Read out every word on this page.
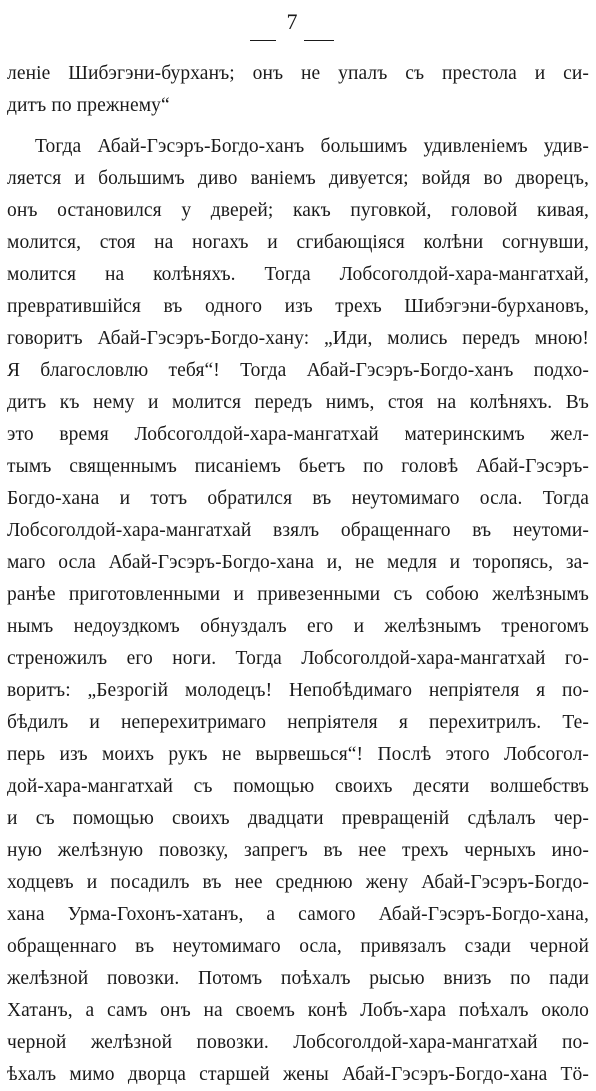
7
ленiе Шибэгэни-бурханъ; онъ не упалъ съ престола и си-
дитъ по прежнему“
Тогда Абай-Гэсэръ-Богдо-ханъ большимъ удивленiемъ удив-
ляется и большимъ диво ванiемъ дивуется; войдя во дворецъ,
онъ остановился у дверей; какъ пуговкой, головой кивая,
молится, стоя на ногахъ и сгибающiяся колѣни согнувши,
молится на колѣняхъ. Тогда Лобсоголдой-хара-мангатхай,
превратившiйся въ одного изъ трехъ Шибэгэни-бурхановъ,
говоритъ Абай-Гэсэръ-Богдо-хану: „Иди, молись передъ мною!
Я благословлю тебя“! Тогда Абай-Гэсэръ-Богдо-ханъ подхо-
дитъ къ нему и молится передъ нимъ, стоя на колѣняхъ. Въ
это время Лобсоголдой-хара-мангатхай материнскимъ жел-
тымъ священнымъ писанiемъ бьетъ по головѣ Абай-Гэсэръ-
Богдо-хана и тотъ обратился въ неутомимаго осла. Тогда
Лобсоголдой-хара-мангатхай взялъ обращеннаго въ неутоми-
маго осла Абай-Гэсэръ-Богдо-хана и, не медля и торопясь, за-
ранѣе приготовленными и привезенными съ собою желѣзнымъ
нымъ недоуздкомъ обнуздалъ его и желѣзнымъ треногомъ
стреножилъ его ноги. Тогда Лобсоголдой-хара-мангатхай го-
воритъ: „Безрогiй молодецъ! Непобѣдимаго непрiятеля я по-
бѣдилъ и неперехитримаго непрiятеля я перехитрилъ. Те-
перь изъ моихъ рукъ не вырвешься“! Послѣ этого Лобсогол-
дой-хара-мангатхай съ помощью своихъ десяти волшебствъ
и съ помощью своихъ двадцати превращенiй сдѣлалъ чер-
ную желѣзную повозку, запрегъ въ нее трехъ черныхъ ино-
ходцевъ и посадилъ въ нее среднюю жену Абай-Гэсэръ-Богдо-
хана Урма-Гохонъ-хатанъ, а самого Абай-Гэсэръ-Богдо-хана,
обращеннаго въ неутомимаго осла, привязалъ сзади черной
желѣзной повозки. Потомъ поѣхалъ рысью внизъ по пади
Хатанъ, а самъ онъ на своемъ конѣ Лобъ-хара поѣхалъ около
черной желѣзной повозки. Лобсоголдой-хара-мангатхай по-
ѣхалъ мимо дворца старшей жены Абай-Гэсэръ-Богдо-хана Тӧ-
